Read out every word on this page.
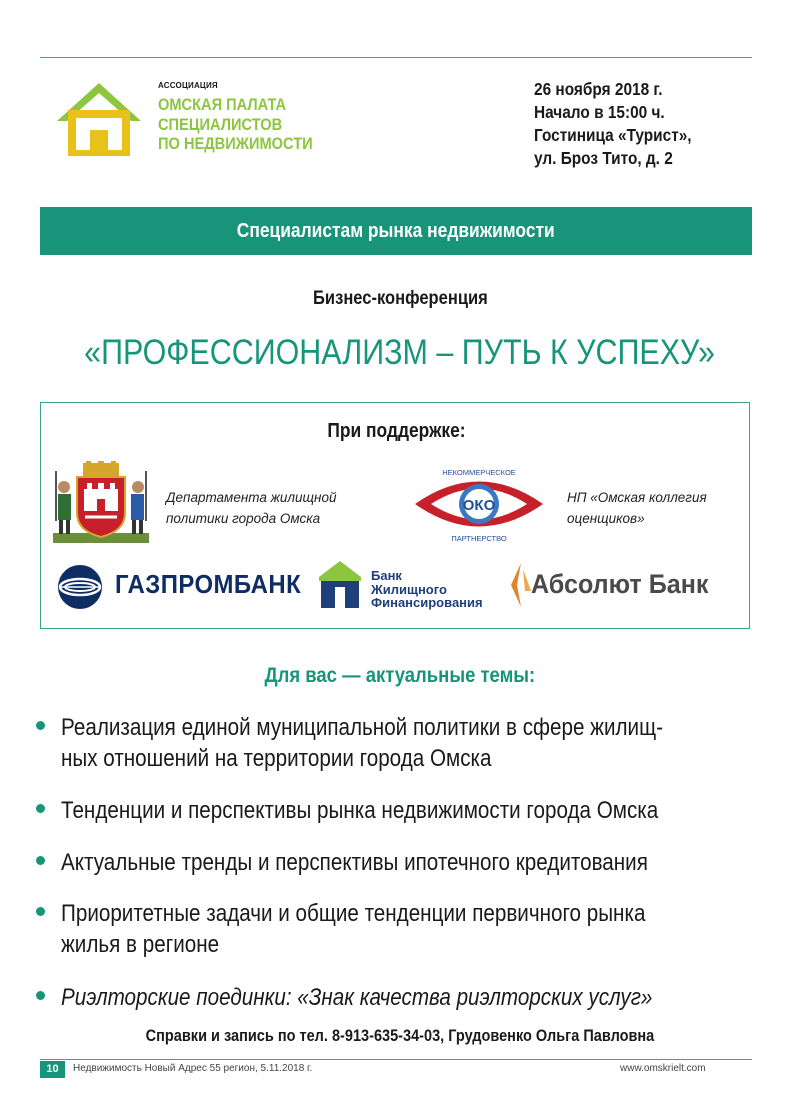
АССОЦИАЦИЯ
ОМСКАЯ ПАЛАТА
СПЕЦИАЛИСТОВ
ПО НЕДВИЖИМОСТИ
26 ноября 2018 г.
Начало в 15:00 ч.
Гостиница «Турист»,
ул. Броз Тито, д. 2
Специалистам рынка недвижимости
Бизнес-конференция
«ПРОФЕССИОНАЛИЗМ – ПУТЬ К УСПЕХУ»
При поддержке:
Департамента жилищной
политики города Омска
ОКО
НЕКОММЕРЧЕСКОЕ
ПАРТНЕРСТВО
НП «Омская коллегия
оценщиков»
ГАЗПРОМБАНК	Банк
Жилищного
Финансирования
Абсолют Банк
Для вас — актуальные темы:
Реализация единой муниципальной политики в сфере жилищ-
ных отношений на территории города Омска
Тенденции и перспективы рынка недвижимости города Омска
Актуальные тренды и перспективы ипотечного кредитования
Приоритетные задачи и общие тенденции первичного рынка
жилья в регионе
Риэлторские поединки: «Знак качества риэлторских услуг»
Справки и запись по тел. 8-913-635-34-03, Грудовенко Ольга Павловна
10	Недвижимость Новый Адрес 55 регион, 5.11.2018 г.	www.omskrielt.com
